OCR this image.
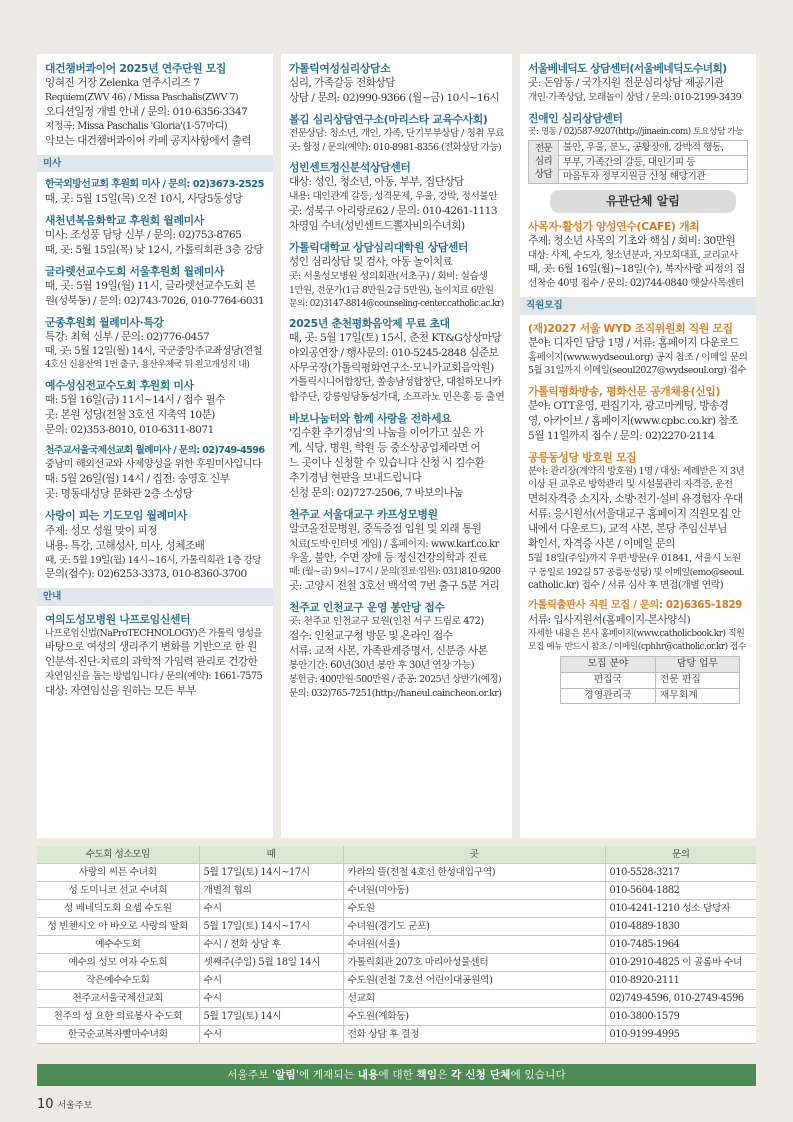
대건챔버콰이어 2025년 연주단원 모집
잉혀진 거장 Zelenka 연주시리즈 7
Requiem(ZWV 46) / Missa Paschalis(ZWV 7)
오디션일정 개별 안내 / 문의: 010-6356-3347
지정곡: Missa Paschalis 'Gloria'(1-57마디)
악보는 대건챔버콰이어 카페 공지사항에서 출력
미사
한국외방선교회 후원회 미사 / 문의: 02)3673-2525
때, 곳: 5월 15일(목) 오전 10시, 사당5동성당
새천년복음화학교 후원회 월례미사
미사: 조성풍 담당 신부 / 문의: 02)753-8765
때, 곳: 5월 15일(목) 낮 12시, 가톨릭회관 3층 강당
글라렛선교수도회 서울후원회 월례미사
때, 곳: 5월 19일(월) 11시, 글라렛선교수도회 본
원(성북동) / 문의: 02)743-7026, 010-7764-6031
군종후원회 월례미사·특강
특강: 최혁 신부 / 문의: 02)776-0457
때, 곳: 5월 12일(월) 14시, 국군중앙주교좌성당(전철
4호선 신용산역 1번 출구, 용산우체국 뒤 왼고개성지 내)
예수성심전교수도회 후원회 미사
때: 5월 16일(금) 11시~14시 / 접수 필수
곳: 본원 성당(전철 3호선 지축역 10분)
문의: 02)353-8010, 010-6311-8071
천주교서울국제선교회 월례미사 / 문의: 02)749-4596
중남미 해외선교와 사제양성을 위한 후원미사입니다
때: 5월 26일(월) 14시 / 집전: 송영호 신부
곳: 명동대성당 문화관 2층 소성당
사랑이 피는 기도모임 월례미사
주제: 성모 성월 맞이 피정
내용: 특강, 고해성사, 미사, 성체조배
때, 곳: 5월 19일(월) 14시~16시, 가톨릭회관 1층 강당
문의(접수): 02)6253-3373, 010-8360-3700
안내
여의도성모병원 나프로임신센터
나프로임신법(NaProTECHNOLOGY)은 가톨릭 영성을
바탕으로 여성의 생리주기 변화를 기반으로 한 원
인분석-진단-치료의 과학적 가임력 관리로 건강한
자연임신을 돕는 방법입니다 / 문의(예약): 1661-7575
대상: 자연임신을 원하는 모든 부부
가톨릭여성심리상담소
심리, 가족갈등 전화상담
상담 / 문의: 02)990-9366 (월~금) 10시~16시
볼김 심리상담연구소(마리스타 교육수사회)
전문상담: 청소년, 개인, 가족, 단기부부상담 / 청취 무료
곳: 합정 / 문의(예약): 010-8981-8356 (전화상담 가능)
성빈센트정신분석상담센터
대상: 성인, 청소년, 아동, 부부, 집단상담
내용: 대인관계 갈등, 성격문제, 우울, 강박, 정서불안
곳: 성북구 아리랑로62 / 문의: 010-4261-1113
차영임 수녀(성빈센트드뽈자비의수녀회)
가톨릭대학교 상담심리대학원 상담센터
성인 심리상담 및 검사, 아동 놀이치료
곳: 서울성모병원 성의회관(서초구) / 회비: 실습생
1만원, 전문가(1급 8만원·2급 5만원), 놀이치료 6만원
문의: 02)3147-8814@counseling-center.catholic.ac.kr)
2025년 춘천평화음악제 무료 초대
때, 곳: 5월 17일(토) 15시, 춘천 KT&G상상마당
야외공연장 / 행사문의: 010-5245-2848 심준보
사무국장(가톨릭평화연구소·모니카교회음악원)
가톨릭시니어합창단, 쏠송남성합창단, 대철하모니카
합주단, 강릉임당동성가대, 소프라노 민은홍 등 출연
바보나눔터와 함께 사랑을 전하세요
'김수환 추기경님'의 나눔을 이어가고 싶은 가
게, 식당, 병원, 학원 등 중소상공업체라면 어
느 곳이나 신청할 수 있습니다 신청 시 김수환
추기경님 현판을 보내드립니다
신청 문의: 02)727-2506, 7 바보의나눔
천주교 서울대교구 카프성모병원
알코올전문병원, 중독증점 입원 및 외래 통원
치료(도박·인터넷 게임) / 홈페이지: www.karf.co.kr
우울, 불안, 수면 장애 등 정신건강의학과 진료
때: (월~금) 9시~17시 / 문의(진료·입원): 031)810-9200
곳: 고양시 전철 3호선 백석역 7번 출구 5분 거리
천주교 인천교구 운영 봉안당 접수
곳: 천주교 인천교구 묘원(인천 서구 드림로 472)
접수: 인천교구청 방문 및 온라인 접수
서류: 교적 사본, 가족관계증명서, 신분증 사본
봉안기간: 60년(30년 봉안 후 30년 연장 가능)
봉헌금: 400만원·500만원 / 준공: 2025년 상반기(예정)
문의: 032)765-7251(http://haneul.caincheon.or.kr)
서울베네딕도 상담센터(서울베네딕도수녀회)
곳: 돈암동 / 국가지원 전문심리상담 제공기관
개인·가족상담, 모래놀이 상담 / 문의: 010-2199-3439
진애인 심리상담센터
곳: 명동 / 02)587-9207(http://jinaein.com) 토요상담 가능
전문 심리상담	불안, 우울, 분노, 공황장애, 강박적 행동,
부부, 가족간의 갈등, 대인기피 등
마음투자 정부지원금 신청 해당기관
유관단체 알림
사목자·활성가 양성연수(CAFE) 개최
주제: 청소년 사목의 기초와 핵심 / 회비: 30만원
대상: 사제, 수도자, 청소년분과, 자모회대표, 교리교사
때, 곳: 6월 16일(월)~18일(수), 복자사랑 피정의 집
선착순 40명 접수 / 문의: 02)744-0840 햇살사목센터
직원모집
(재)2027 서울 WYD 조직위원회 직원 모집
분야: 디자인 담당 1명 / 서류: 홈페이지 다운로드
홈페이지(www.wydseoul.org) 공지 참조 / 이메일 문의
5월 31일까지 이메일(seoul2027@wydseoul.org) 접수
가톨릭평화방송, 평화신문 공개채용(신입)
분야: OTT운영, 편집기자, 광고마케팅, 방송경
영, 아카이브 / 홈페이지(www.cpbc.co.kr) 참조
5월 11일까지 접수 / 문의: 02)2270-2114
공릉동성당 방호원 모집
분야: 관리장(계약직 방호원) 1명 / 대상: 세례받은 지 3년
이상 된 교우로 방학관리 및 시설물관리 자격증, 운전
면허자격증 소지자, 소방·전기·설비 유경험자 우대
서류: 응시원서(서울대교구 홈페이지 직원모집 안
내에서 다운로드), 교적 사본, 본당 주임신부님
확인서, 자격증 사본 / 이메일 문의
5월 18일(주일)까지 우편·방문(우 01841, 서울시 노원
구 동일로 192길 57 공릉동성당) 및 이메일(emo@seoul.
catholic.kr) 접수 / 서류 심사 후 면접(개별 연락)
가톨릭출판사 직원 모집 / 문의: 02)6365-1829
서류: 입사지원서(홈페이지-본사양식)
자세한 내용은 본사 홈페이지(www.catholicbook.kr) 직원
모집 메뉴 반드시 참조 / 이메일(cphhr@catholic.or.kr) 접수
모집 분야	담당 업무
편집국	전문 편집
경영관리국	재무회계
수도회 성소모임	때	곳	문의
사랑의 씨튼 수녀회	5월 17일(토) 14시~17시	카라의 뜰(전철 4호선 한성대입구역)	010-5528-3217
성 도미니코 선교 수녀회	개별적 협의	수녀원(미아동)	010-5604-1882
성 베네딕도회 요셉 수도원	수시	수도원	010-4241-1210 성소 담당자
성 빈첸시오 아 바오로 사랑의 딸회	5월 17일(토) 14시~17시	수녀원(경기도 군포)	010-4889-1830
예수수도회	수시 / 전화 상담 후	수녀원(서울)	010-7485-1964
예수의 성모 여자 수도회	셋째주(주일) 5월 18일 14시	가톨릭회관 207호 마리아성물센터	010-2910-4825 이 골롬바 수녀
작은예수수도회	수시	수도원(전철 7호선 어린이대공원역)	010-8920-2111
천주교서울국제선교회	수시	선교회	02)749-4596, 010-2749-4596
천주의 성 요한 의료봉사 수도회	5월 17일(토) 14시	수도원(계화동)	010-3800-1579
한국순교복자빨마수녀회	수시	전화 상담 후 결정	010-9199-4995
서울주보 '알림'에 게재되는 내용에 대한 책임은 각 신청 단체에 있습니다
10 서울주보
